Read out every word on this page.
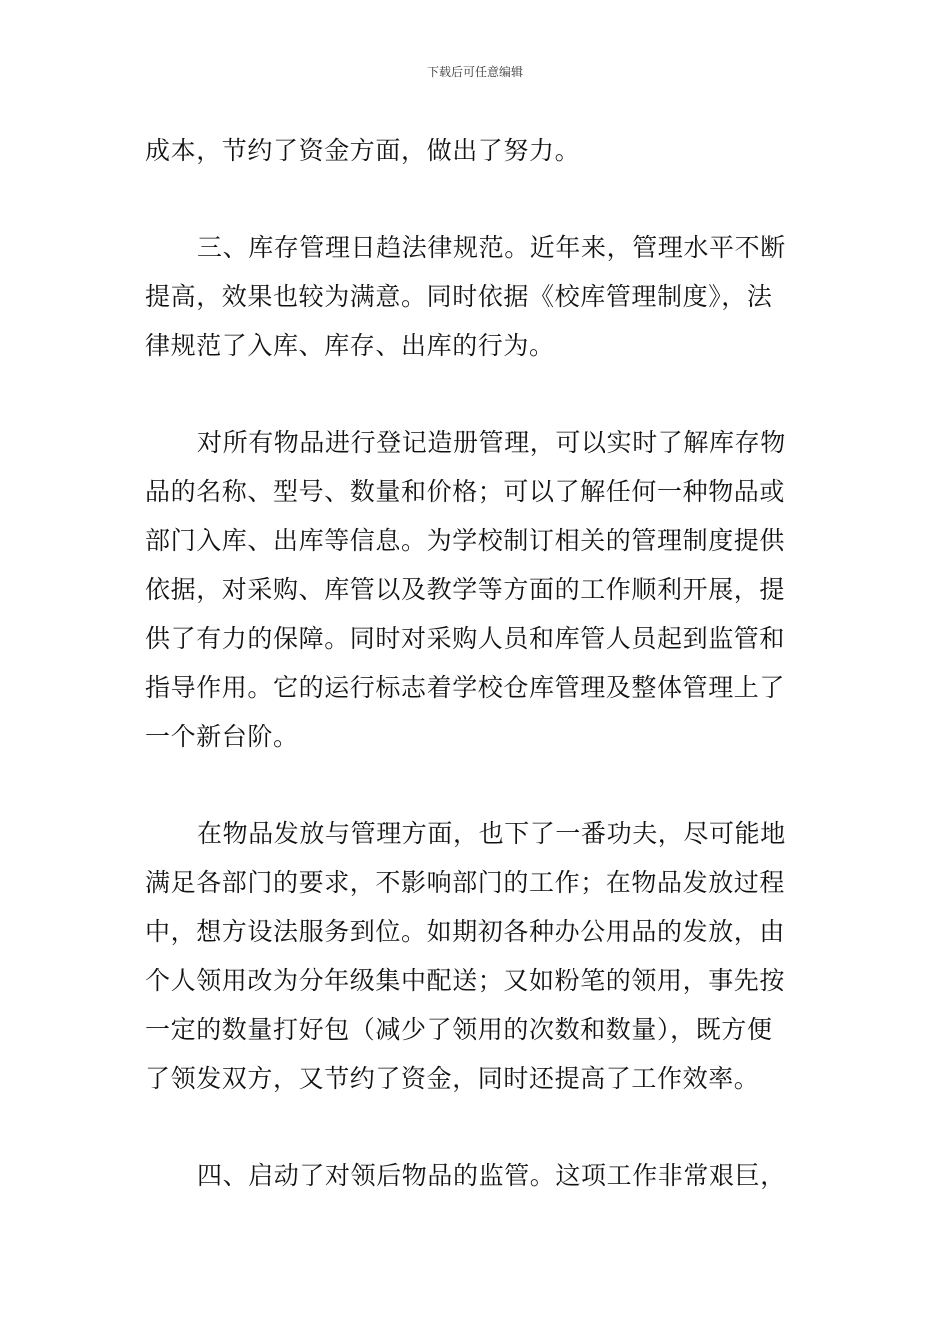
下载后可任意编辑
成本，节约了资金方面，做出了努力。
三、库存管理日趋法律规范。近年来，管理水平不断
提高，效果也较为满意。同时依据《校库管理制度》，法
律规范了入库、库存、出库的行为。
对所有物品进行登记造册管理，可以实时了解库存物
品的名称、型号、数量和价格；可以了解任何一种物品或
部门入库、出库等信息。为学校制订相关的管理制度提供
依据，对采购、库管以及教学等方面的工作顺利开展，提
供了有力的保障。同时对采购人员和库管人员起到监管和
指导作用。它的运行标志着学校仓库管理及整体管理上了
一个新台阶。
在物品发放与管理方面，也下了一番功夫，尽可能地
满足各部门的要求，不影响部门的工作；在物品发放过程
中，想方设法服务到位。如期初各种办公用品的发放，由
个人领用改为分年级集中配送；又如粉笔的领用，事先按
一定的数量打好包（减少了领用的次数和数量），既方便
了领发双方，又节约了资金，同时还提高了工作效率。
四、启动了对领后物品的监管。这项工作非常艰巨，
